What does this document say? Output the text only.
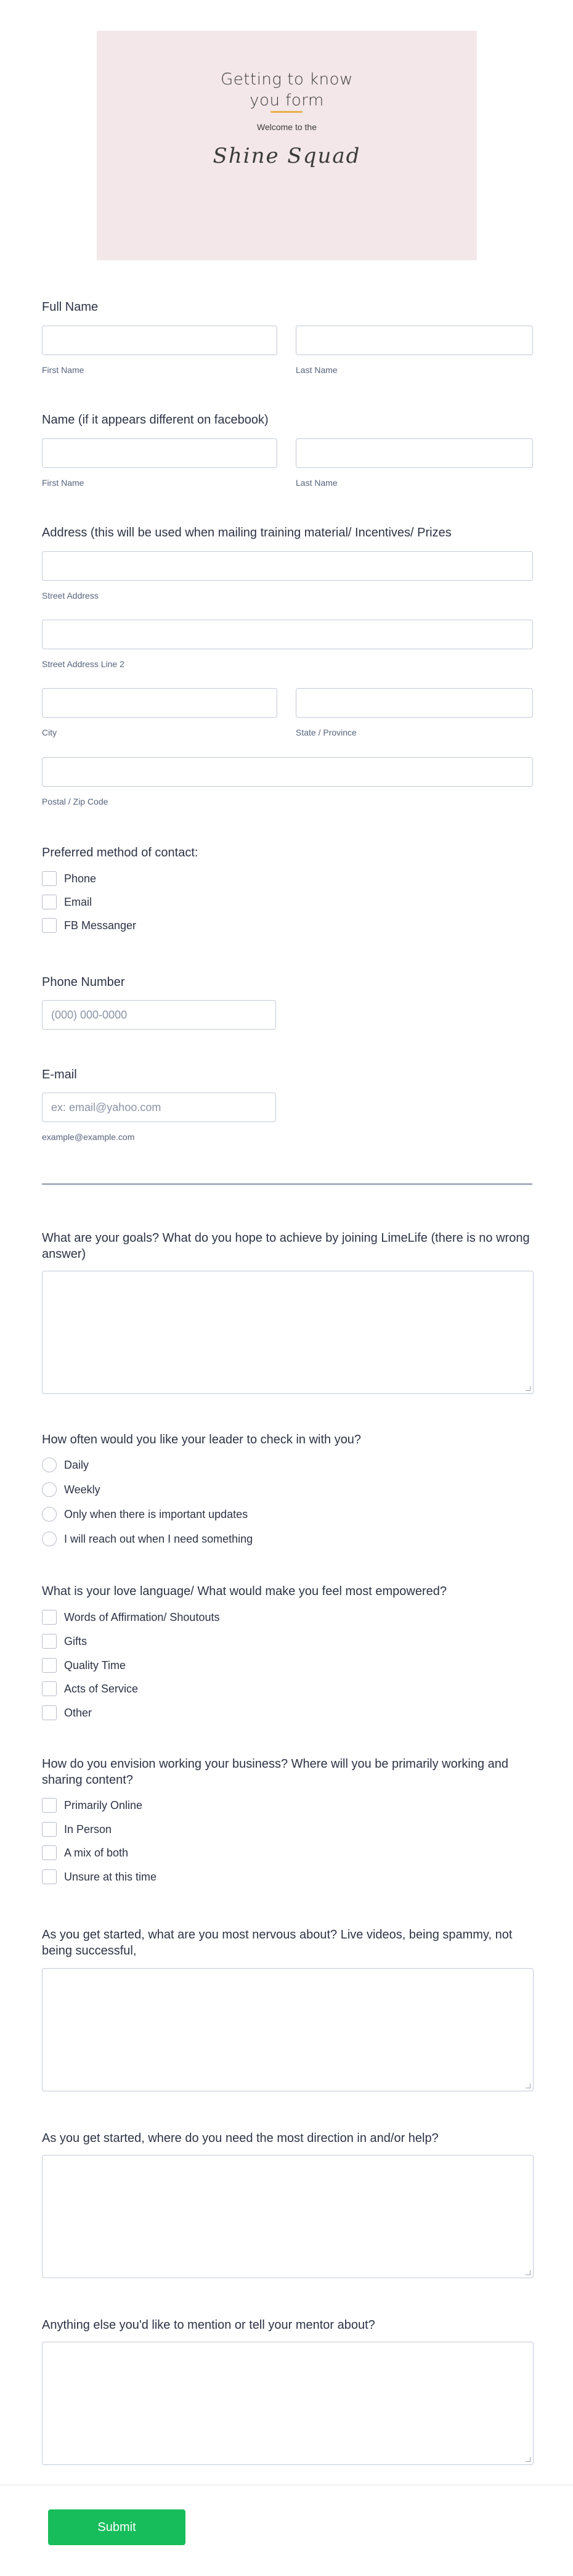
Getting to know you form
Welcome to the
Shine Squad
Full Name
First Name	Last Name
Name (if it appears different on facebook)
First Name	Last Name
Address (this will be used when mailing training material/ Incentives/ Prizes
Street Address
Street Address Line 2
City	State / Province
Postal / Zip Code
Preferred method of contact:
Phone
Email
FB Messanger
Phone Number
(000) 000-0000
E-mail
ex: email@yahoo.com
example@example.com
What are your goals? What do you hope to achieve by joining LimeLife (there is no wrong answer)
How often would you like your leader to check in with you?
Daily
Weekly
Only when there is important updates
I will reach out when I need something
What is your love language/ What would make you feel most empowered?
Words of Affirmation/ Shoutouts
Gifts
Quality Time
Acts of Service
Other
How do you envision working your business? Where will you be primarily working and sharing content?
Primarily Online
In Person
A mix of both
Unsure at this time
As you get started, what are you most nervous about? Live videos, being spammy, not being successful,
As you get started, where do you need the most direction in and/or help?
Anything else you'd like to mention or tell your mentor about?
Submit
